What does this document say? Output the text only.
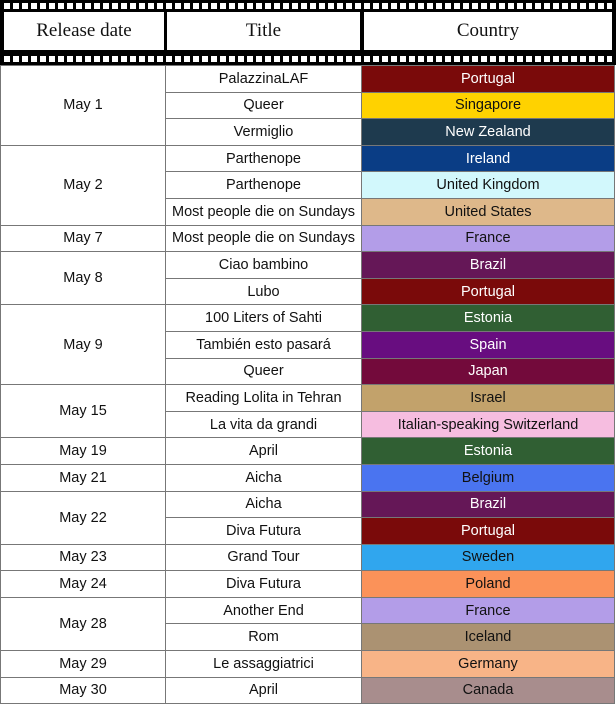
Release date	Title	Country
May 1	PalazzinaLAF	Portugal
	Queer	Singapore
	Vermiglio	New Zealand
May 2	Parthenope	Ireland
	Parthenope	United Kingdom
	Most people die on Sundays	United States
May 7	Most people die on Sundays	France
May 8	Ciao bambino	Brazil
	Lubo	Portugal
May 9	100 Liters of Sahti	Estonia
	También esto pasará	Spain
	Queer	Japan
May 15	Reading Lolita in Tehran	Israel
	La vita da grandi	Italian-speaking Switzerland
May 19	April	Estonia
May 21	Aicha	Belgium
May 22	Aicha	Brazil
	Diva Futura	Portugal
May 23	Grand Tour	Sweden
May 24	Diva Futura	Poland
May 28	Another End	France
	Rom	Iceland
May 29	Le assaggiatrici	Germany
May 30	April	Canada
